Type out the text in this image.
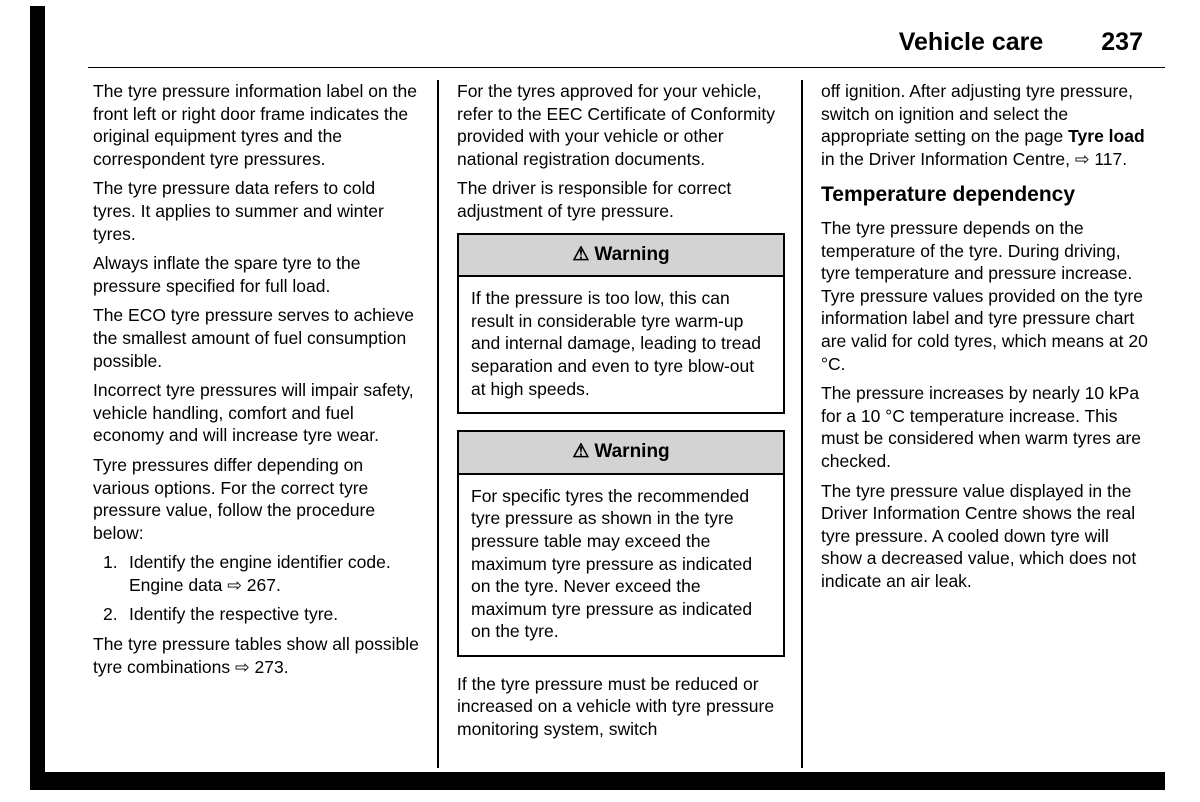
Vehicle care 237

The tyre pressure information label on the front left or right door frame indicates the original equipment tyres and the correspondent tyre pressures.

The tyre pressure data refers to cold tyres. It applies to summer and winter tyres.

Always inflate the spare tyre to the pressure specified for full load.

The ECO tyre pressure serves to achieve the smallest amount of fuel consumption possible.

Incorrect tyre pressures will impair safety, vehicle handling, comfort and fuel economy and will increase tyre wear.

Tyre pressures differ depending on various options. For the correct tyre pressure value, follow the procedure below:

1. Identify the engine identifier code. Engine data ⇨ 267.
2. Identify the respective tyre.

The tyre pressure tables show all possible tyre combinations ⇨ 273.

For the tyres approved for your vehicle, refer to the EEC Certificate of Conformity provided with your vehicle or other national registration documents.

The driver is responsible for correct adjustment of tyre pressure.

⚠ Warning
If the pressure is too low, this can result in considerable tyre warm-up and internal damage, leading to tread separation and even to tyre blow-out at high speeds.
⚠ Warning
For specific tyres the recommended tyre pressure as shown in the tyre pressure table may exceed the maximum tyre pressure as indicated on the tyre. Never exceed the maximum tyre pressure as indicated on the tyre.

If the tyre pressure must be reduced or increased on a vehicle with tyre pressure monitoring system, switch

off ignition. After adjusting tyre pressure, switch on ignition and select the appropriate setting on the page Tyre load in the Driver Information Centre, ⇨ 117.

Temperature dependency

The tyre pressure depends on the temperature of the tyre. During driving, tyre temperature and pressure increase. Tyre pressure values provided on the tyre information label and tyre pressure chart are valid for cold tyres, which means at 20 °C.

The pressure increases by nearly 10 kPa for a 10 °C temperature increase. This must be considered when warm tyres are checked.

The tyre pressure value displayed in the Driver Information Centre shows the real tyre pressure. A cooled down tyre will show a decreased value, which does not indicate an air leak.
